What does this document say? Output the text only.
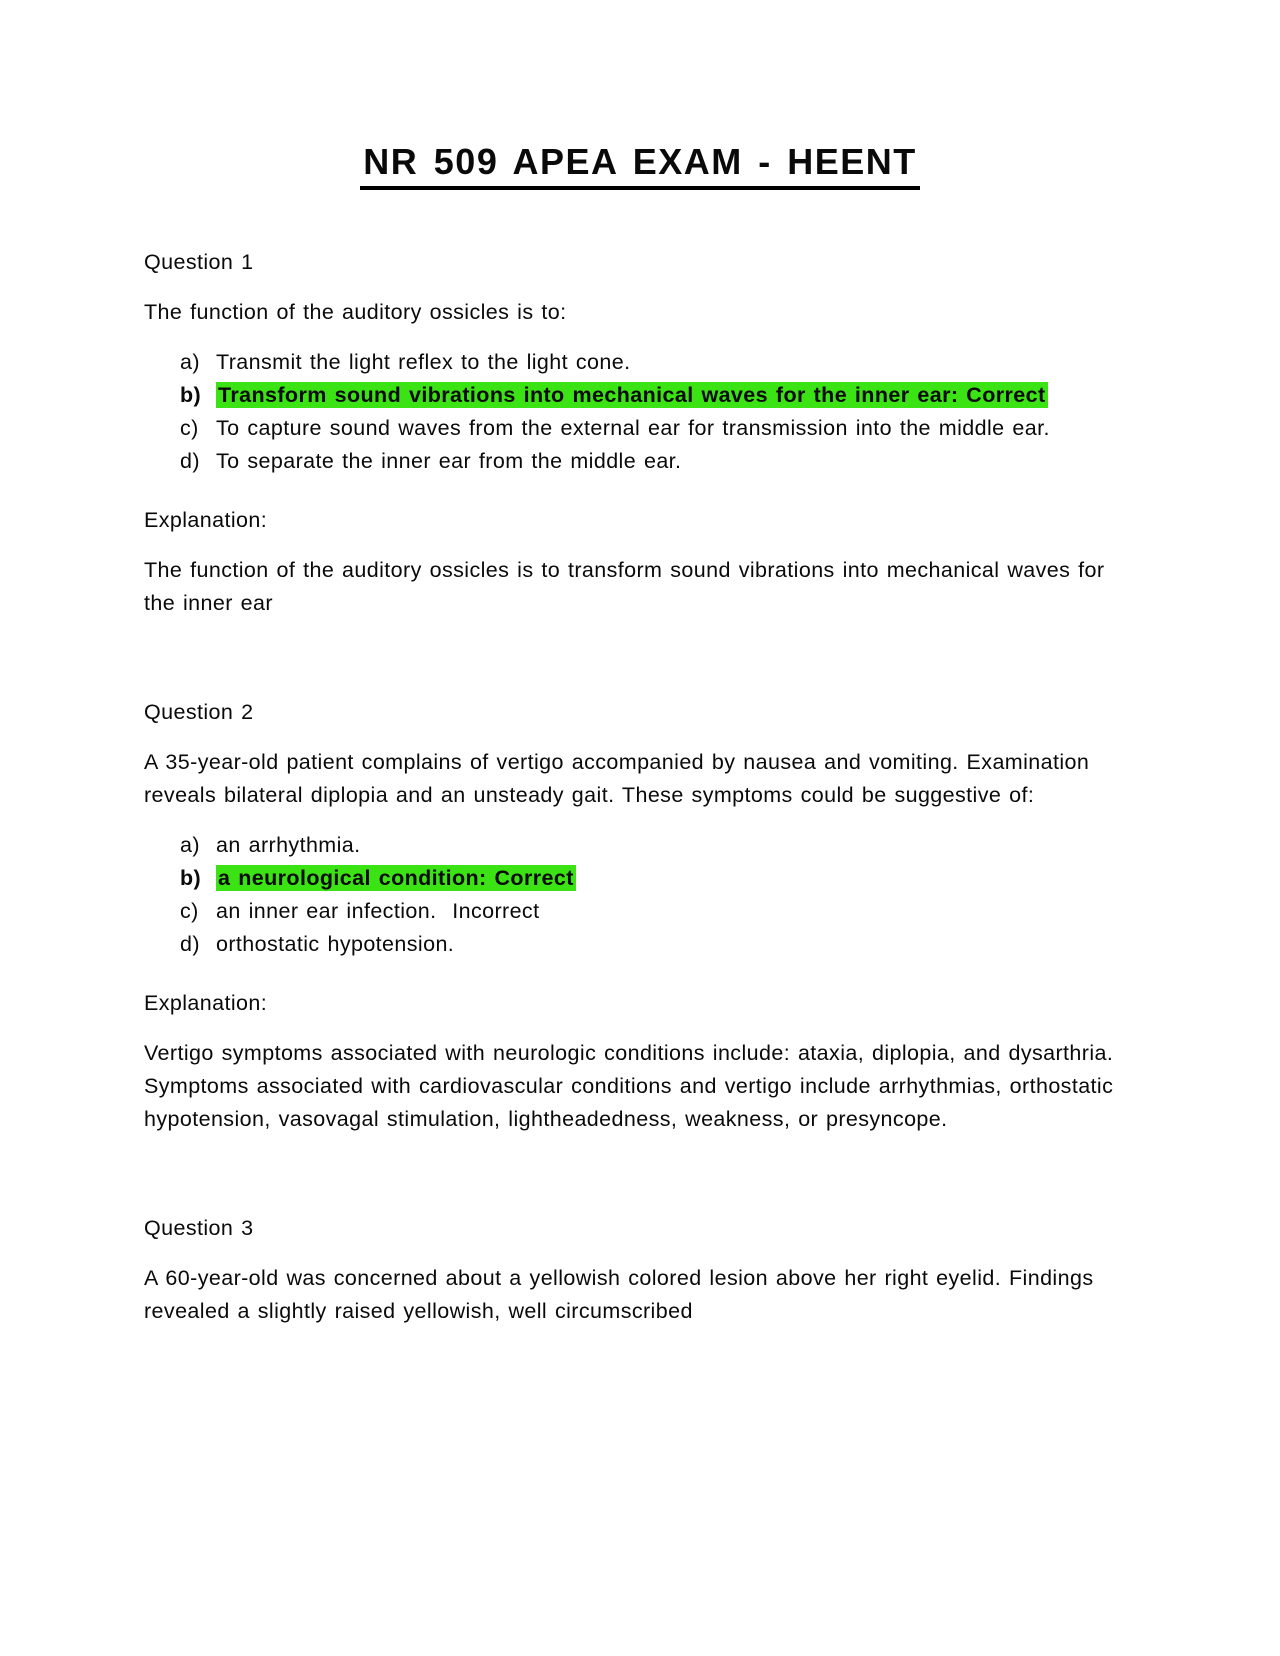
NR 509 APEA EXAM - HEENT

Question 1

The function of the auditory ossicles is to:

a) Transmit the light reflex to the light cone.
b) Transform sound vibrations into mechanical waves for the inner ear: Correct
c) To capture sound waves from the external ear for transmission into the middle ear.
d) To separate the inner ear from the middle ear.

Explanation:

The function of the auditory ossicles is to transform sound vibrations into mechanical waves for the inner ear

Question 2

A 35-year-old patient complains of vertigo accompanied by nausea and vomiting. Examination reveals bilateral diplopia and an unsteady gait. These symptoms could be suggestive of:

a) an arrhythmia.
b) a neurological condition: Correct
c) an inner ear infection.  Incorrect
d) orthostatic hypotension.

Explanation:

Vertigo symptoms associated with neurologic conditions include: ataxia, diplopia, and dysarthria. Symptoms associated with cardiovascular conditions and vertigo include arrhythmias, orthostatic hypotension, vasovagal stimulation, lightheadedness, weakness, or presyncope.

Question 3

A 60-year-old was concerned about a yellowish colored lesion above her right eyelid. Findings revealed a slightly raised yellowish, well circumscribed
